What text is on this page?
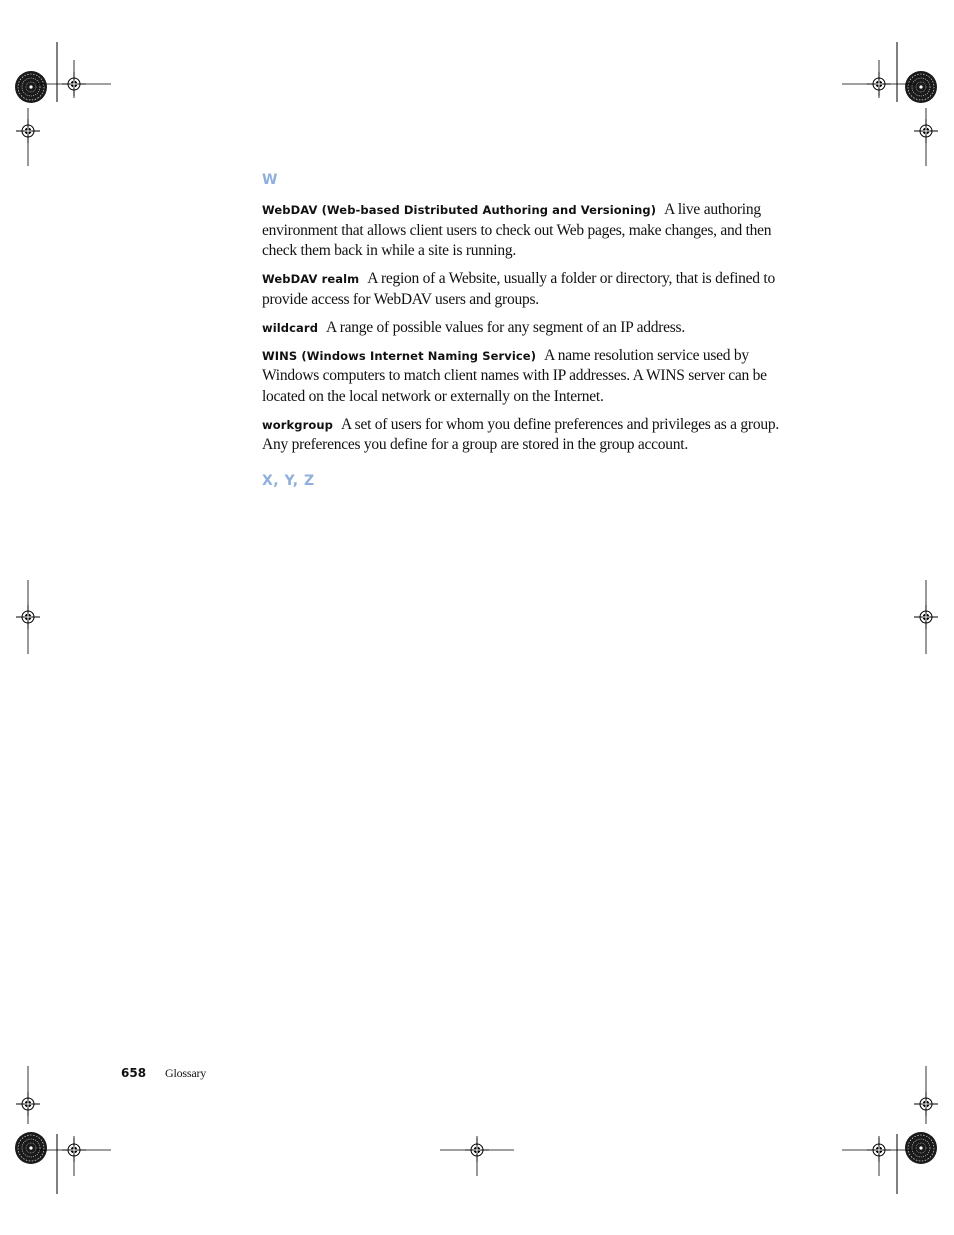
W

WebDAV (Web-based Distributed Authoring and Versioning) A live authoring environment that allows client users to check out Web pages, make changes, and then check them back in while a site is running.

WebDAV realm A region of a Website, usually a folder or directory, that is defined to provide access for WebDAV users and groups.

wildcard A range of possible values for any segment of an IP address.

WINS (Windows Internet Naming Service) A name resolution service used by Windows computers to match client names with IP addresses. A WINS server can be located on the local network or externally on the Internet.

workgroup A set of users for whom you define preferences and privileges as a group. Any preferences you define for a group are stored in the group account.

X, Y, Z
658 Glossary
